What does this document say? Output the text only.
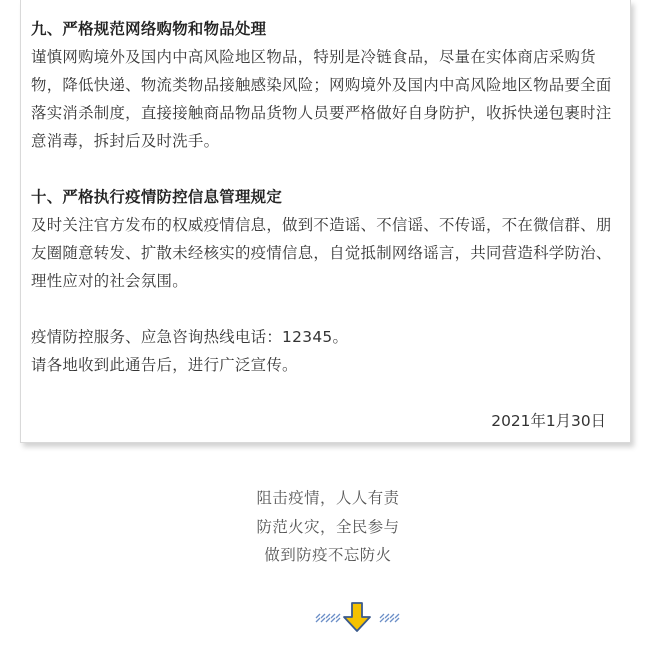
九、严格规范网络购物和物品处理

谨慎网购境外及国内中高风险地区物品，特别是冷链食品，尽量在实体商店采购货物，降低快递、物流类物品接触感染风险；网购境外及国内中高风险地区物品要全面落实消杀制度，直接接触商品物品货物人员要严格做好自身防护，收拆快递包裹时注意消毒，拆封后及时洗手。

十、严格执行疫情防控信息管理规定

及时关注官方发布的权威疫情信息，做到不造谣、不信谣、不传谣，不在微信群、朋友圈随意转发、扩散未经核实的疫情信息，自觉抵制网络谣言，共同营造科学防治、理性应对的社会氛围。

疫情防控服务、应急咨询热线电话：12345。

请各地收到此通告后，进行广泛宣传。

2021年1月30日
阻击疫情，人人有责
防范火灾，全民参与
做到防疫不忘防火
